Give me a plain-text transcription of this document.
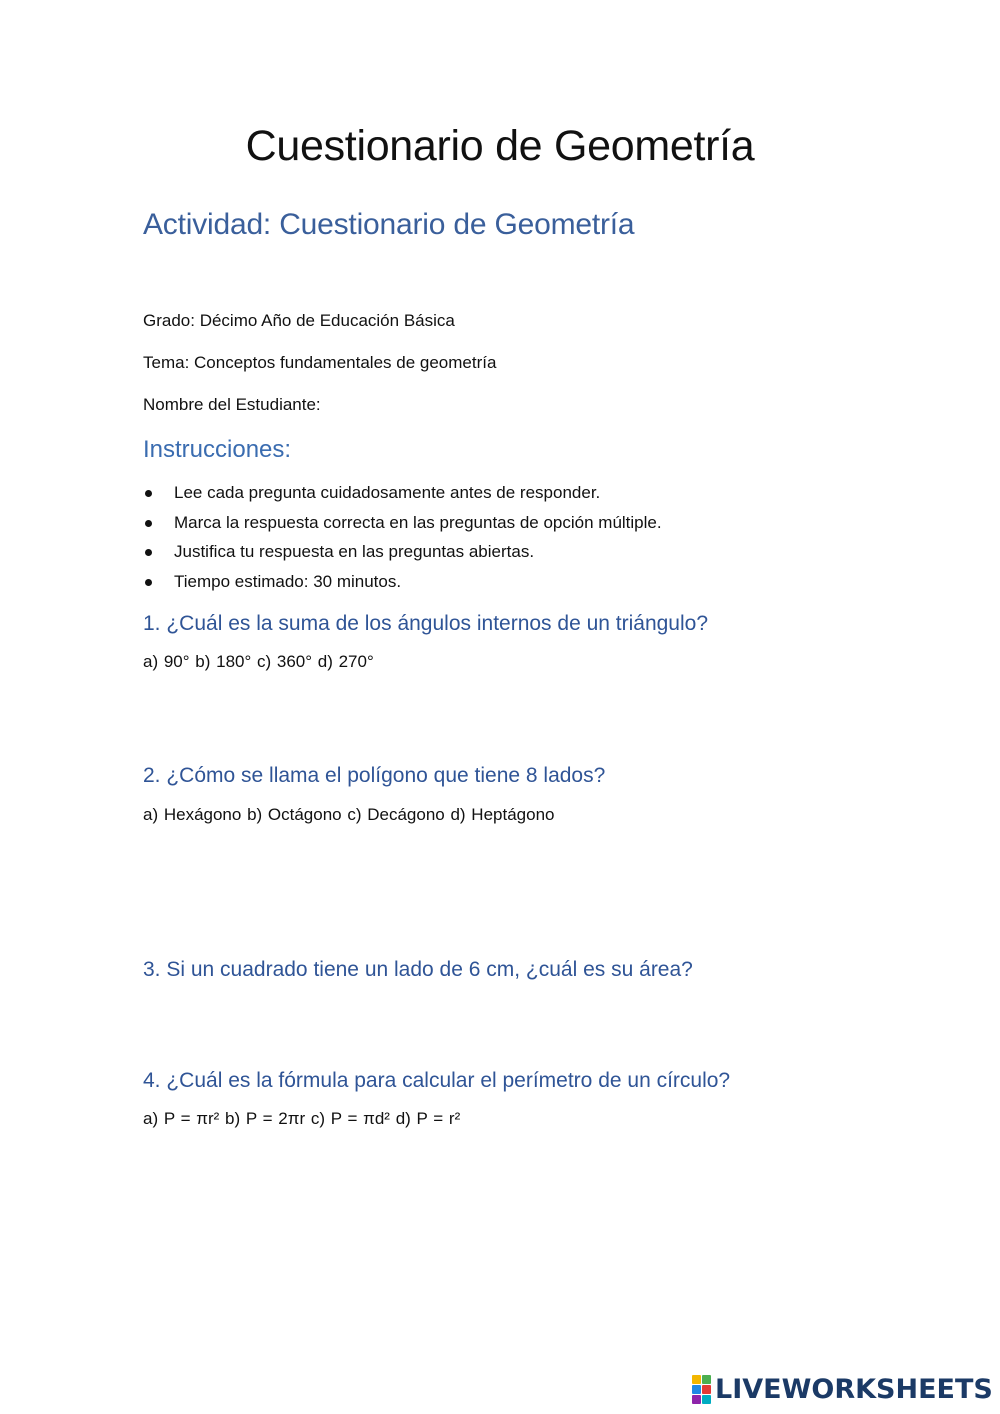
Cuestionario de Geometría
Actividad: Cuestionario de Geometría

Grado: Décimo Año de Educación Básica

Tema: Conceptos fundamentales de geometría

Nombre del Estudiante:

Instrucciones:
Lee cada pregunta cuidadosamente antes de responder.
Marca la respuesta correcta en las preguntas de opción múltiple.
Justifica tu respuesta en las preguntas abiertas.
Tiempo estimado: 30 minutos.
1. ¿Cuál es la suma de los ángulos internos de un triángulo?

a) 90° b) 180° c) 360° d) 270°

2. ¿Cómo se llama el polígono que tiene 8 lados?

a) Hexágono b) Octágono c) Decágono d) Heptágono

3. Si un cuadrado tiene un lado de 6 cm, ¿cuál es su área?
4. ¿Cuál es la fórmula para calcular el perímetro de un círculo?

a) P = πr² b) P = 2πr c) P = πd² d) P = r²

LIVEWORKSHEETS
